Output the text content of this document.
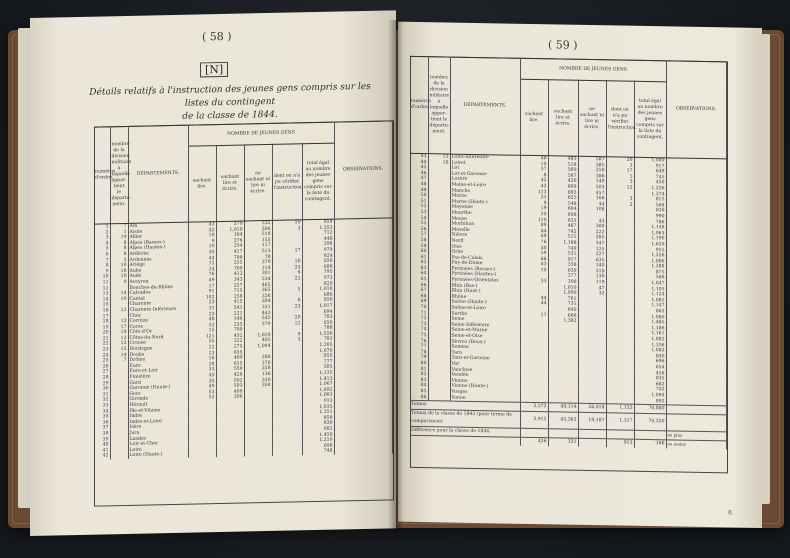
( 58 )
[N]
Détails relatifs à l'instruction des jeunes gens compris sur les listes du contingent
de la classe de 1844.
numéros d'ordre.	nombre de la division militaire à laquelle appar-tient le départe-ment.	DÉPARTEMENTS.	NOMBRE DE JEUNES GENS					OBSERVATIONS.
			sachant lire.	sachant lire et écrire.	ne sachant ni lire ni écrire.	dont on n'a pu vérifier l'instruction.	total égal au nombre des jeunes gens compris sur la liste du contingent.	
1	7	Ain	43	579	235	10	858	
2	1	Aisne	42	1,010	206	3	1,353	
3	19	Allier	10	164	518		712	
4	8	Alpes (Basses-)	9	276	155		448	
5	8	Alpes (Hautes-)	10	254	117		398	
6	8	Ardèche	35	417	513	17	979	
7	2	Ardennes	44	700	78		824	
8	10	Ariége	12	255	379	10	656	
9	18	Aube	24	700	114	23	686	
10	10	Aude	76	412	301	6	795	
11	9	Aveyron	49	343	534	22	973	
12		Bouches-du-Rhône	17	257	465		820	
13	14	Calvados	91	715	365	5	1,016	
14	19	Cantal	102	258	326		686	
15		Charente	23	415	304	8	850	
16	12	Charente-Inférieure	31	541	331	23	1,017	
17		Cher	23	221	443		694	
18	12	Corrèze	48	146	545	20	783	
19	17	Corse	52	235	379	12	650	
20	18	Côte-d'Or	15	700			788	
21	13	Côtes-du-Nord	121	432	1,029	9	1,556	
22	12	Creuse	55	322	405	3	783	
23	15	Dordogne	22	275	1,094		1,265	
24	14	Doubs	23	655			1,070	
25	7	Drôme	16	409	286		855	
26		Eure	28	615	270		777	
27		Eure-et-Loir	33	550	258		585	
28		Finistère	45	428	136		1,135	
29		Gard	35	502	330		1,413	
30		Garonne (Haute-)	49	503	358		1,067	
31		Gers	53	400			1,092	
32		Gironde	52	306			1,083	
33		Hérault					913	
34		Ille-et-Vilaine					1,035	
35		Indre					1,351	
36		Indre-et-Loire					858	
37		Isère					830	
38		Jura					682	
39		Landes					1,458	
40		Loir-et-Cher					1,210	
41		Loire					698	
42		Loire (Haute-)					748	
( 59 )
numéros d'ordre.	nombre de la division militaire à laquelle appar-tient le départe-ment.	DÉPARTEMENTS.	NOMBRE DE JEUNES GENS					OBSERVATIONS.
			sachant lire.	sachant lire et écrire.	ne sachant ni lire ni écrire.	dont on n'a pu vérifier l'instruction.	total égal au nombre des jeunes gens compris sur la liste du contingent.	
43	12	Loire-Inférieure	48	483	587	20	1,080	
44	18	Loiret	10	518	385	3	917	
45		Lot	37	560	250	17	649	
46		Lot-et-Garonne	8	567	386	5	745	
47		Lozère	42	420	149	3	450	
48		Maine-et-Loire	42	669	503	12	1,226	
49		Manche	113	893	457		1,374	
50		Marne	21	625	166	3	815	
51		Marne (Haute-)	9	548	44	2	568	
52		Mayenne	19	604	108		826	
53		Meurthe	20	808			990	
54		Meuse	110	633	43		786	
55		Morbihan	89	467	300		1,148	
56		Moselle	44	742	222		1,063	
57		Nièvre	69	515	285		1,190	
58		Nord	76	1,188	347		1,620	
59		Oise	40	749	125		955	
60		Orne	59	531	227		1,226	
61		Pas-de-Calais	66	917	635		1,086	
62		Puy-de-Dôme	43	338	140		1,288	
63		Pyrénées (Basses-)	10	639	218		875	
64		Pyrénées (Hautes-)		377	130		566	
65		Pyrénées-Orientales	33	308	119		1,047	
66		Rhin (Bas-)		1,050	47		1,105	
67		Rhin (Haut-)		1,090	32		1,124	
68		Rhône	44	761			1,085	
69		Saône (Haute-)	44	731			1,147	
70		Saône-et-Loire		640			862	
71		Sarthe	17	666			1,080	
72		Seine		1,382			1,485	
73		Seine-Inférieure					1,186	
74		Seine-et-Marne					1,161	
75		Seine-et-Oise					1,082	
76		Sèvres (Deux-)					1,336	
77		Somme					1,082	
78		Tarn					840	
79		Tarn-et-Garonne					696	
80		Var					654	
81		Vaucluse					458	
82		Vendée					835	
83		Vienne					682	
84		Vienne (Haute-)					702	
85		Vosges					1,094	
86		Yonne					892	
Totaux			3,572	40,114	26,018	1,153	70,880	
Totaux de la classe de 1843 (pour terme de comparaison)			3,915	45,363	19,187	1,317	70,320	
Différence pour la classe de 1844.								en plus
			426	331		913	166	en moins
8.
